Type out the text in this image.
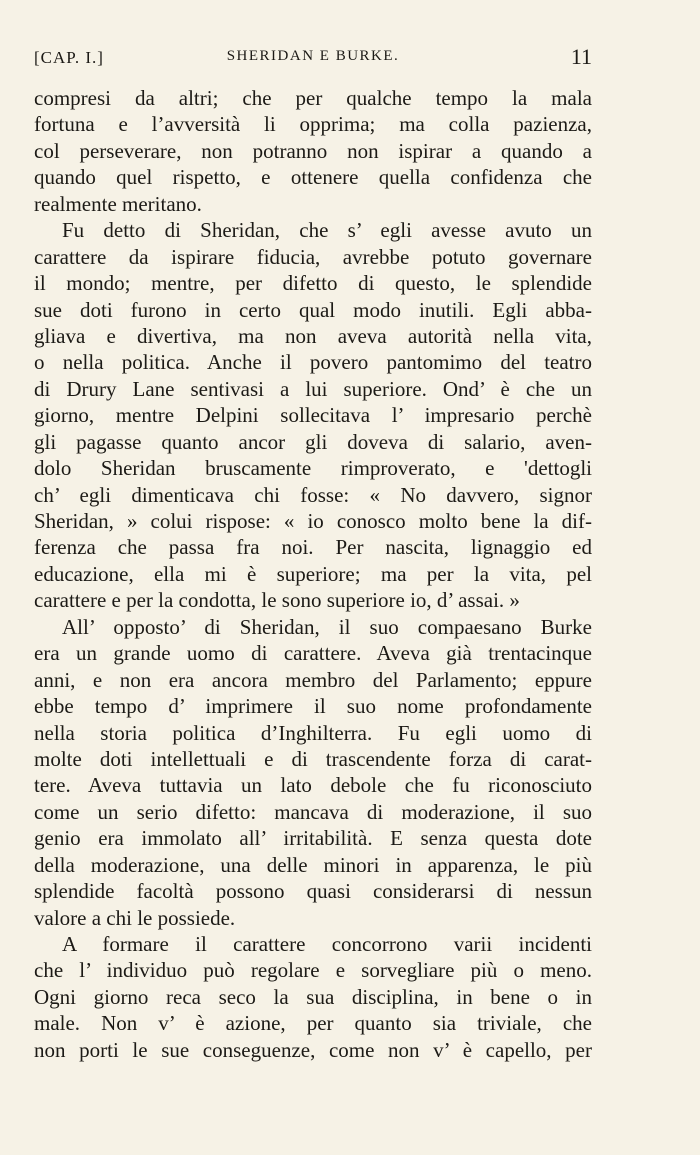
[CAP. I.]	SHERIDAN E BURKE.	11
compresi da altri; che per qualche tempo la mala
fortuna e l’avversità li opprima; ma colla pazienza,
col perseverare, non potranno non ispirar a quando a
quando quel rispetto, e ottenere quella confidenza che
realmente meritano.
Fu detto di Sheridan, che s’ egli avesse avuto un
carattere da ispirare fiducia, avrebbe potuto governare
il mondo; mentre, per difetto di questo, le splendide
sue doti furono in certo qual modo inutili. Egli abba-
gliava e divertiva, ma non aveva autorità nella vita,
o nella politica. Anche il povero pantomimo del teatro
di Drury Lane sentivasi a lui superiore. Ond’ è che un
giorno, mentre Delpini sollecitava l’ impresario perchè
gli pagasse quanto ancor gli doveva di salario, aven-
dolo Sheridan bruscamente rimproverato, e 'dettogli
ch’ egli dimenticava chi fosse: « No davvero, signor
Sheridan, » colui rispose: « io conosco molto bene la dif-
ferenza che passa fra noi. Per nascita, lignaggio ed
educazione, ella mi è superiore; ma per la vita, pel
carattere e per la condotta, le sono superiore io, d’ assai. »
All’ opposto’ di Sheridan, il suo compaesano Burke
era un grande uomo di carattere. Aveva già trentacinque
anni, e non era ancora membro del Parlamento; eppure
ebbe tempo d’ imprimere il suo nome profondamente
nella storia politica d’Inghilterra. Fu egli uomo di
molte doti intellettuali e di trascendente forza di carat-
tere. Aveva tuttavia un lato debole che fu riconosciuto
come un serio difetto: mancava di moderazione, il suo
genio era immolato all’ irritabilità. E senza questa dote
della moderazione, una delle minori in apparenza, le più
splendide facoltà possono quasi considerarsi di nessun
valore a chi le possiede.
A formare il carattere concorrono varii incidenti
che l’ individuo può regolare e sorvegliare più o meno.
Ogni giorno reca seco la sua disciplina, in bene o in
male. Non v’ è azione, per quanto sia triviale, che
non porti le sue conseguenze, come non v’ è capello, per
